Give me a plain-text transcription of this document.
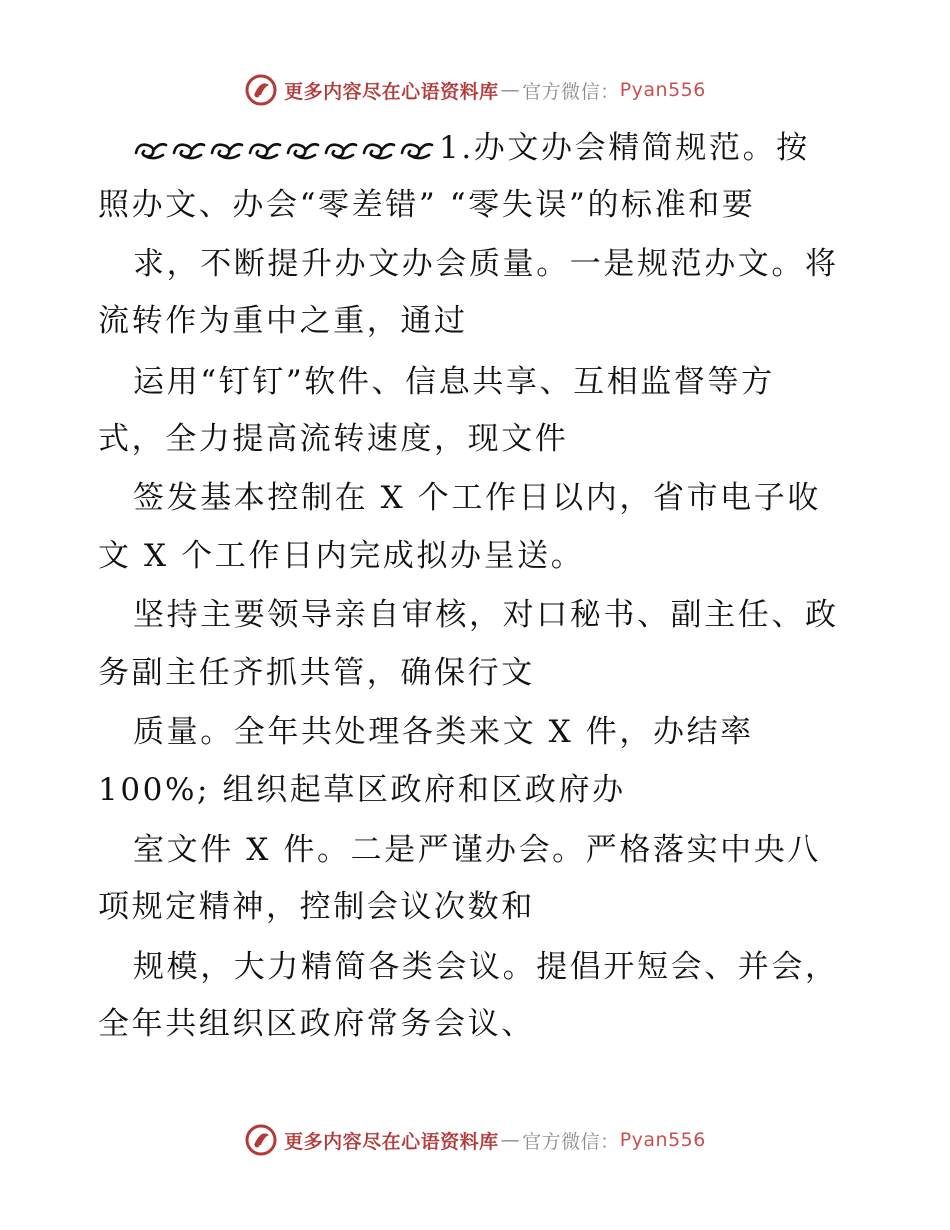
更多内容尽在心语资料库 — 官方微信： Pyan556
1.办文办会精简规范。按
照办文、办会“零差错” “零失误”的标准和要
求，不断提升办文办会质量。一是规范办文。将
流转作为重中之重，通过
运用“钉钉”软件、信息共享、互相监督等方
式，全力提高流转速度，现文件
签发基本控制在 X 个工作日以内，省市电子收
文 X 个工作日内完成拟办呈送。
坚持主要领导亲自审核，对口秘书、副主任、政
务副主任齐抓共管，确保行文
质量。全年共处理各类来文 X 件，办结率
100%; 组织起草区政府和区政府办
室文件 X 件。二是严谨办会。严格落实中央八
项规定精神，控制会议次数和
规模，大力精简各类会议。提倡开短会、并会，
全年共组织区政府常务会议、
更多内容尽在心语资料库 — 官方微信： Pyan556
